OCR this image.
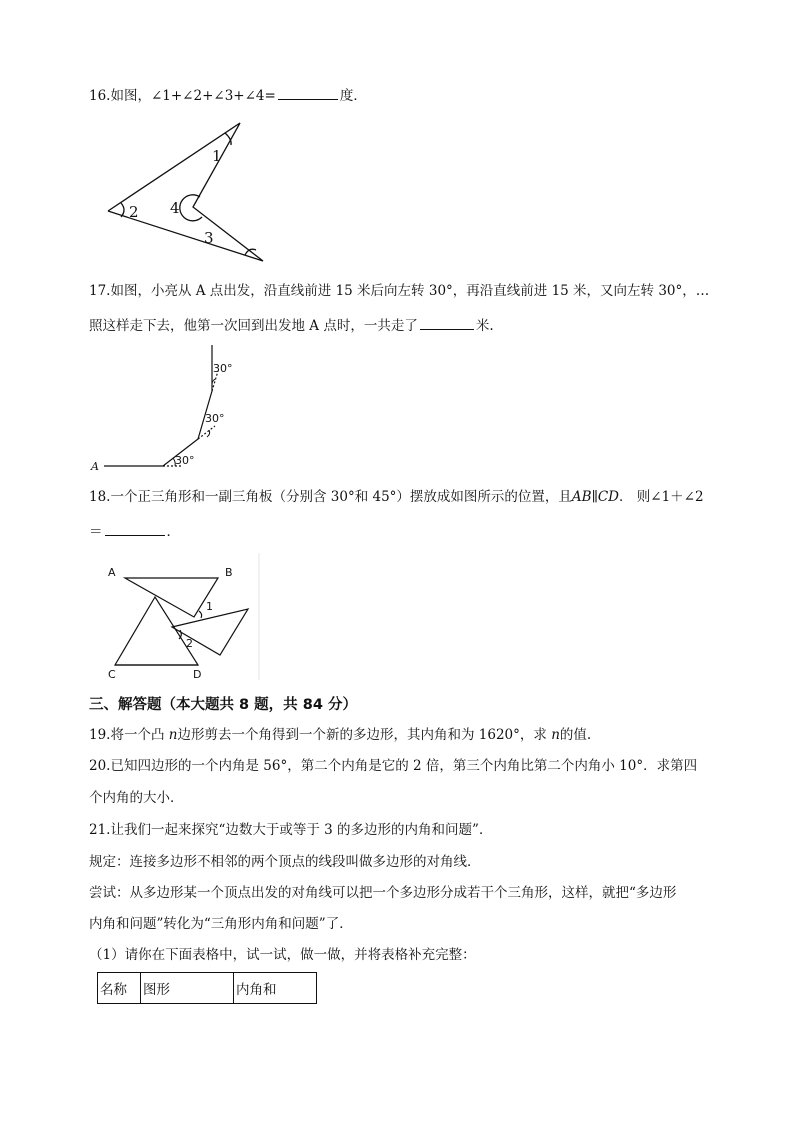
16.如图，∠1+∠2+∠3+∠4=	度．
1
2
3
4
17.如图，小亮从 A 点出发，沿直线前进 15 米后向左转 30°，再沿直线前进 15 米，又向左转 30°，…
照这样走下去，他第一次回到出发地 A 点时，一共走了	米.
A	30°
30°
30°
18.一个正三角形和一副三角板（分别含 30°和 45°）摆放成如图所示的位置，且AB∥CD． 则∠1＋∠2
＝	．
A	B
C	D
1
2
三、解答题（本大题共 8 题，共 84 分）
19.将一个凸 n边形剪去一个角得到一个新的多边形，其内角和为 1620°，求 n的值.
20.已知四边形的一个内角是 56°，第二个内角是它的 2 倍，第三个内角比第二个内角小 10°．求第四
个内角的大小．
21.让我们一起来探究“边数大于或等于 3 的多边形的内角和问题”．
规定：连接多边形不相邻的两个顶点的线段叫做多边形的对角线．
尝试：从多边形某一个顶点出发的对角线可以把一个多边形分成若干个三角形，这样，就把“多边形
内角和问题”转化为“三角形内角和问题”了．
（1）请你在下面表格中，试一试，做一做，并将表格补充完整：
名称	图形	内角和
